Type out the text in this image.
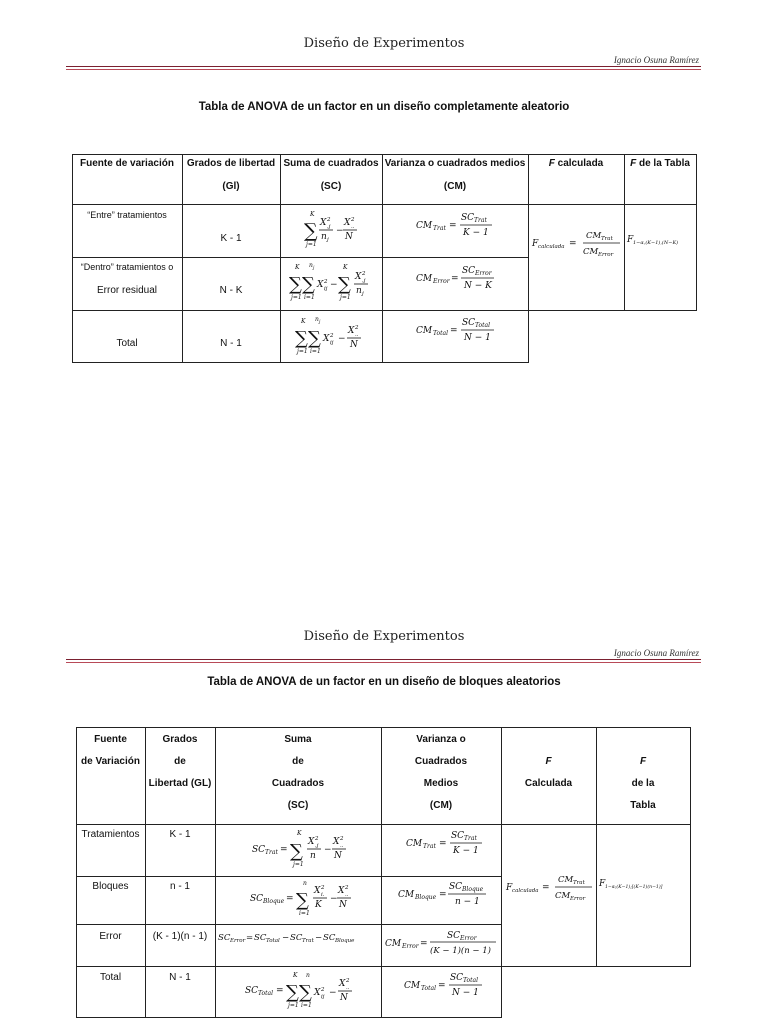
Diseño de Experimentos
Ignacio Osuna Ramírez
Tabla de ANOVA de un factor en un diseño completamente aleatorio
Fuente de variación	Grados de libertad
(Gl)
Suma de cuadrados
(SC)
Varianza o cuadrados medios
(CM)
F calculada	F de la Tabla
“Entre” tratamientos
“Dentro” tratamientos o
Error residual
Total
K - 1
N - K
N - 1
K
∑
j=1
X 2
.j
n j
−
X 2
..
N
K
∑
j=1
n j
∑
i=1
X 2
ij −
K
∑
j=1
X 2
.j
n j
K
∑
j=1
n j
∑
i=1
X 2
ij −
X 2
..
N
CM Trat =
SC Trat
K − 1
CM Error =
SC Error
N − K
CM Total =
SC Total
N − 1
F calculada =
CM Trat
CM Error
F 1−α,(K−1),(N−K)
Diseño de Experimentos
Ignacio Osuna Ramírez
Tabla de ANOVA de un factor en un diseño de bloques aleatorios
Fuente
de Variación
Grados
de
Libertad (GL)
Suma
de
Cuadrados
(SC)
Varianza o
Cuadrados
Medios
(CM)
F
Calculada
F
de la
Tabla
Tratamientos
Bloques
Error
Total
K - 1
n - 1
(K - 1)(n - 1)
N - 1
SC Trat =
K
∑
j=1
X 2
.j
n
−
X 2
..
N
SC Bloque =
n
∑
i=1
X 2
i.
K
−
X 2
..
N
SC Error = SC Total − SC Trat − SC Bloque
SC Total =
K
∑
j=1
n
∑
i=1
X 2
ij −
X 2
..
N
CM Trat =
SC Trat
K − 1
CM Bloque =
SC Bloque
n − 1
CM Error =
SC Error
(K − 1)(n − 1)
CM Total =
SC Total
N − 1
F calculada =
CM Trat
CM Error
F 1−α;(K−1);[(K−1)(n−1)]
